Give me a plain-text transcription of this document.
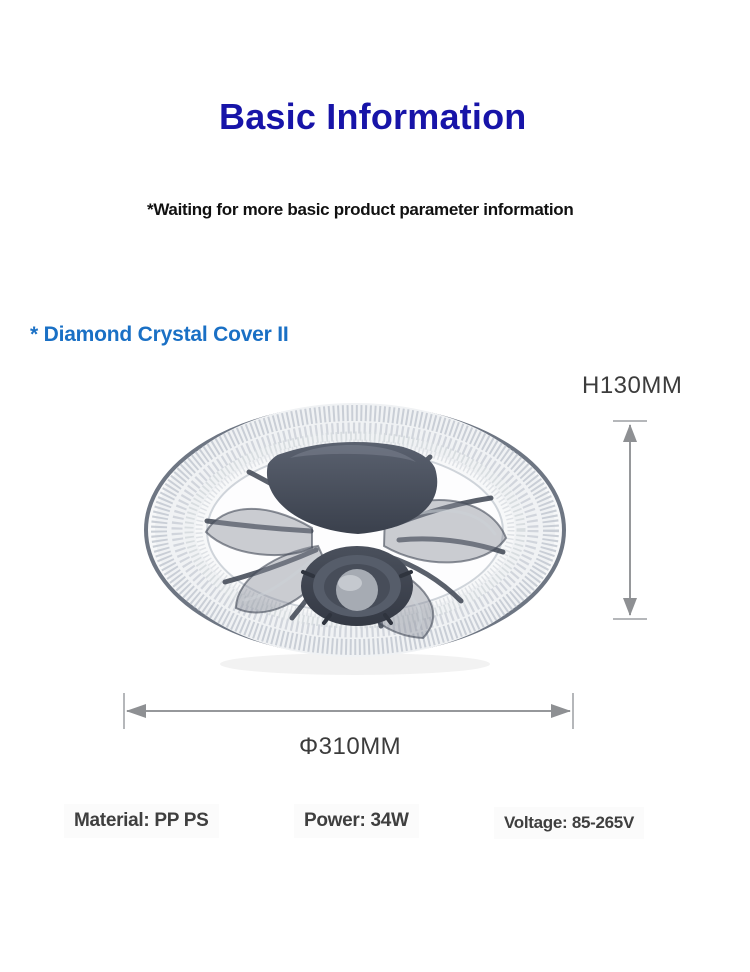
Basic Information
*Waiting for more basic product parameter information
* Diamond Crystal Cover II
H130MM
Φ310MM
Material: PP PS	Power: 34W	Voltage: 85-265V
